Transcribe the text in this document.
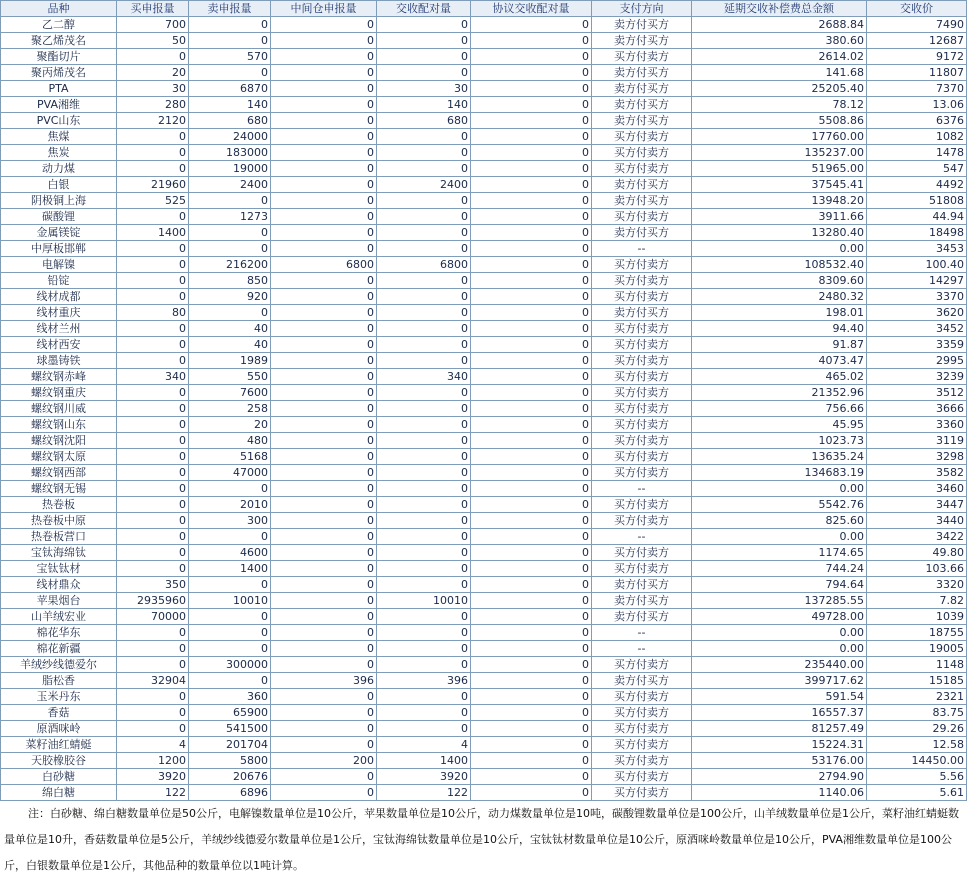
品种	买申报量	卖申报量	中间仓申报量	交收配对量	协议交收配对量	支付方向	延期交收补偿费总金额	交收价
乙二醇	700	0	0	0	0	卖方付买方	2688.84	7490
聚乙烯茂名	50	0	0	0	0	卖方付买方	380.60	12687
聚酯切片	0	570	0	0	0	买方付卖方	2614.02	9172
聚丙烯茂名	20	0	0	0	0	卖方付买方	141.68	11807
PTA	30	6870	0	30	0	卖方付买方	25205.40	7370
PVA湘维	280	140	0	140	0	卖方付买方	78.12	13.06
PVC山东	2120	680	0	680	0	卖方付买方	5508.86	6376
焦煤	0	24000	0	0	0	买方付卖方	17760.00	1082
焦炭	0	183000	0	0	0	买方付卖方	135237.00	1478
动力煤	0	19000	0	0	0	买方付卖方	51965.00	547
白银	21960	2400	0	2400	0	卖方付买方	37545.41	4492
阴极铜上海	525	0	0	0	0	卖方付买方	13948.20	51808
碳酸锂	0	1273	0	0	0	买方付卖方	3911.66	44.94
金属镁锭	1400	0	0	0	0	卖方付买方	13280.40	18498
中厚板邯郸	0	0	0	0	0	--	0.00	3453
电解镍	0	216200	6800	6800	0	买方付卖方	108532.40	100.40
铅锭	0	850	0	0	0	买方付卖方	8309.60	14297
线材成都	0	920	0	0	0	买方付卖方	2480.32	3370
线材重庆	80	0	0	0	0	卖方付买方	198.01	3620
线材兰州	0	40	0	0	0	买方付卖方	94.40	3452
线材西安	0	40	0	0	0	买方付卖方	91.87	3359
球墨铸铁	0	1989	0	0	0	买方付卖方	4073.47	2995
螺纹钢赤峰	340	550	0	340	0	买方付卖方	465.02	3239
螺纹钢重庆	0	7600	0	0	0	买方付卖方	21352.96	3512
螺纹钢川威	0	258	0	0	0	买方付卖方	756.66	3666
螺纹钢山东	0	20	0	0	0	买方付卖方	45.95	3360
螺纹钢沈阳	0	480	0	0	0	买方付卖方	1023.73	3119
螺纹钢太原	0	5168	0	0	0	买方付卖方	13635.24	3298
螺纹钢西部	0	47000	0	0	0	买方付卖方	134683.19	3582
螺纹钢无锡	0	0	0	0	0	--	0.00	3460
热卷板	0	2010	0	0	0	买方付卖方	5542.76	3447
热卷板中原	0	300	0	0	0	买方付卖方	825.60	3440
热卷板营口	0	0	0	0	0	--	0.00	3422
宝钛海绵钛	0	4600	0	0	0	买方付卖方	1174.65	49.80
宝钛钛材	0	1400	0	0	0	买方付卖方	744.24	103.66
线材鼎众	350	0	0	0	0	卖方付买方	794.64	3320
苹果烟台	2935960	10010	0	10010	0	卖方付买方	137285.55	7.82
山羊绒宏业	70000	0	0	0	0	卖方付买方	49728.00	1039
棉花华东	0	0	0	0	0	--	0.00	18755
棉花新疆	0	0	0	0	0	--	0.00	19005
羊绒纱线德爱尔	0	300000	0	0	0	买方付卖方	235440.00	1148
脂松香	32904	0	396	396	0	卖方付买方	399717.62	15185
玉米丹东	0	360	0	0	0	买方付卖方	591.54	2321
香菇	0	65900	0	0	0	买方付卖方	16557.37	83.75
原酒咪岭	0	541500	0	0	0	买方付卖方	81257.49	29.26
菜籽油红蜻蜓	4	201704	0	4	0	买方付卖方	15224.31	12.58
天胶橡胶谷	1200	5800	200	1400	0	买方付卖方	53176.00	14450.00
白砂糖	3920	20676	0	3920	0	买方付卖方	2794.90	5.56
绵白糖	122	6896	0	122	0	买方付卖方	1140.06	5.61

注：白砂糖、绵白糖数量单位是50公斤，电解镍数量单位是10公斤，苹果数量单位是10公斤，动力煤数量单位是10吨，碳酸锂数量单位是100公斤，山羊绒数量单位是1公斤，菜籽油红蜻蜓数量单位是10升，香菇数量单位是5公斤，羊绒纱线德爱尔数量单位是1公斤，宝钛海绵钛数量单位是10公斤，宝钛钛材数量单位是10公斤，原酒咪岭数量单位是10公斤，PVA湘维数量单位是100公斤，白银数量单位是1公斤，其他品种的数量单位以1吨计算。
